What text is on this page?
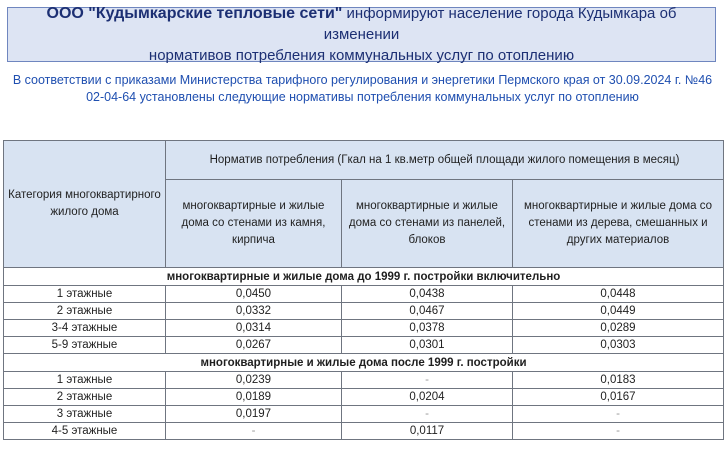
ООО "Кудымкарские тепловые сети" информируют население города Кудымкара об изменении
нормативов потребления коммунальных услуг по отоплению
В соответствии с приказами Министерства тарифного регулирования и энергетики Пермского края от 30.09.2024 г. №46
02-04-64 установлены следующие нормативы потребления коммунальных услуг по отоплению
Категория многоквартирного жилого дома	Норматив потребления (Гкал на 1 кв.метр общей площади жилого помещения в месяц)		
	многоквартирные и жилые дома со стенами из камня, кирпича	многоквартирные и жилые дома со стенами из панелей, блоков	многоквартирные и жилые дома со стенами из дерева, смешанных и других материалов
многоквартирные и жилые дома до 1999 г. постройки включительно			
1 этажные	0,0450	0,0438	0,0448
2 этажные	0,0332	0,0467	0,0449
3-4 этажные	0,0314	0,0378	0,0289
5-9 этажные	0,0267	0,0301	0,0303
многоквартирные и жилые дома после 1999 г. постройки			
1 этажные	0,0239	-	0,0183
2 этажные	0,0189	0,0204	0,0167
3 этажные	0,0197	-	-
4-5 этажные	-	0,0117	-
